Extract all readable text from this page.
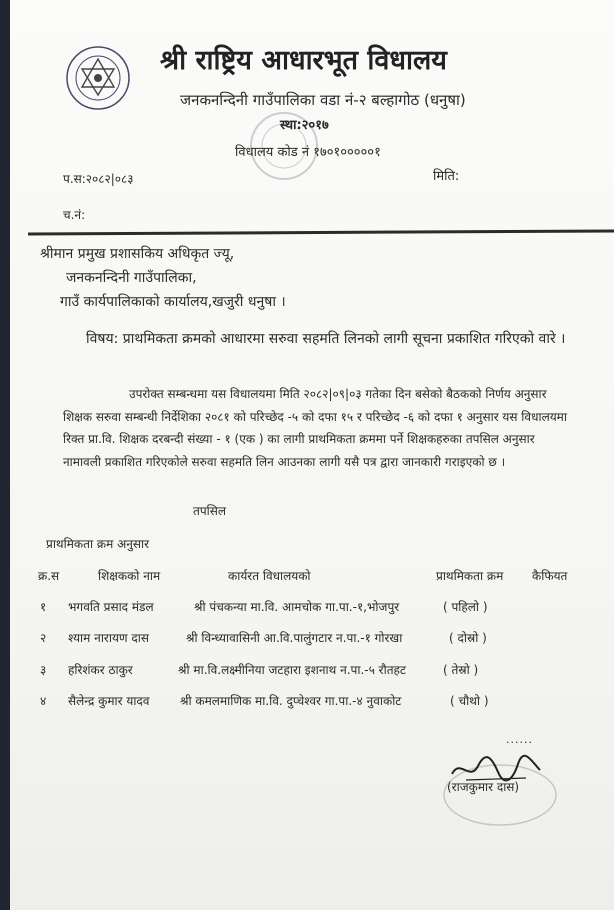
श्री राष्ट्रिय आधारभूत विधालय
जनकनन्दिनी गाउँपालिका वडा नं-२ बल्हागोठ (धनुषा)
स्था:२०१७
विधालय कोड नं १७०१०००००१
प.स:२०८२|०८३	मिति:
च.नं:
श्रीमान प्रमुख प्रशासकिय अधिकृत ज्यू,
जनकनन्दिनी गाउँपालिका,
गाउँ कार्यपालिकाको कार्यालय,खजुरी धनुषा ।
विषय: प्राथमिकता क्रमको आधारमा सरुवा सहमति लिनको लागी सूचना प्रकाशित गरिएको वारे ।
उपरोक्त सम्बन्धमा यस विधालयमा मिति २०८२|०९|०३ गतेका दिन बसेको बैठकको निर्णय अनुसार शिक्षक सरुवा सम्बन्धी निर्देशिका २०८१ को परिच्छेद -५ को दफा १५ र परिच्छेद -६ को दफा १ अनुसार यस विधालयमा रिक्त प्रा.वि. शिक्षक दरबन्दी संख्या - १ (एक ) का लागी प्राथमिकता क्रममा पर्ने शिक्षकहरुका तपसिल अनुसार नामावली प्रकाशित गरिएकोले सरुवा सहमति लिन आउनका लागी यसै पत्र द्वारा जानकारी गराइएको छ ।
तपसिल
प्राथमिकता क्रम अनुसार
क्र.स	शिक्षकको नाम	कार्यरत विधालयको	प्राथमिकता क्रम कैफियत
१ भगवति प्रसाद मंडल	श्री पंचकन्या मा.वि. आमचोक गा.पा.-१,भोजपुर	( पहिलो )
२ श्याम नारायण दास	श्री विन्ध्यावासिनी आ.वि.पालुंगटार न.पा.-१ गोरखा	( दोस्रो )
३ हरिशंकर ठाकुर	श्री मा.वि.लक्ष्मीनिया जटहारा इशनाथ न.पा.-५ रौतहट	( तेस्रो )
४ सैलेन्द्र कुमार यादव	श्री कमलमाणिक मा.वि. दुप्चेश्वर गा.पा.-४ नुवाकोट	( चौथो )
......
(राजकुमार दास)
